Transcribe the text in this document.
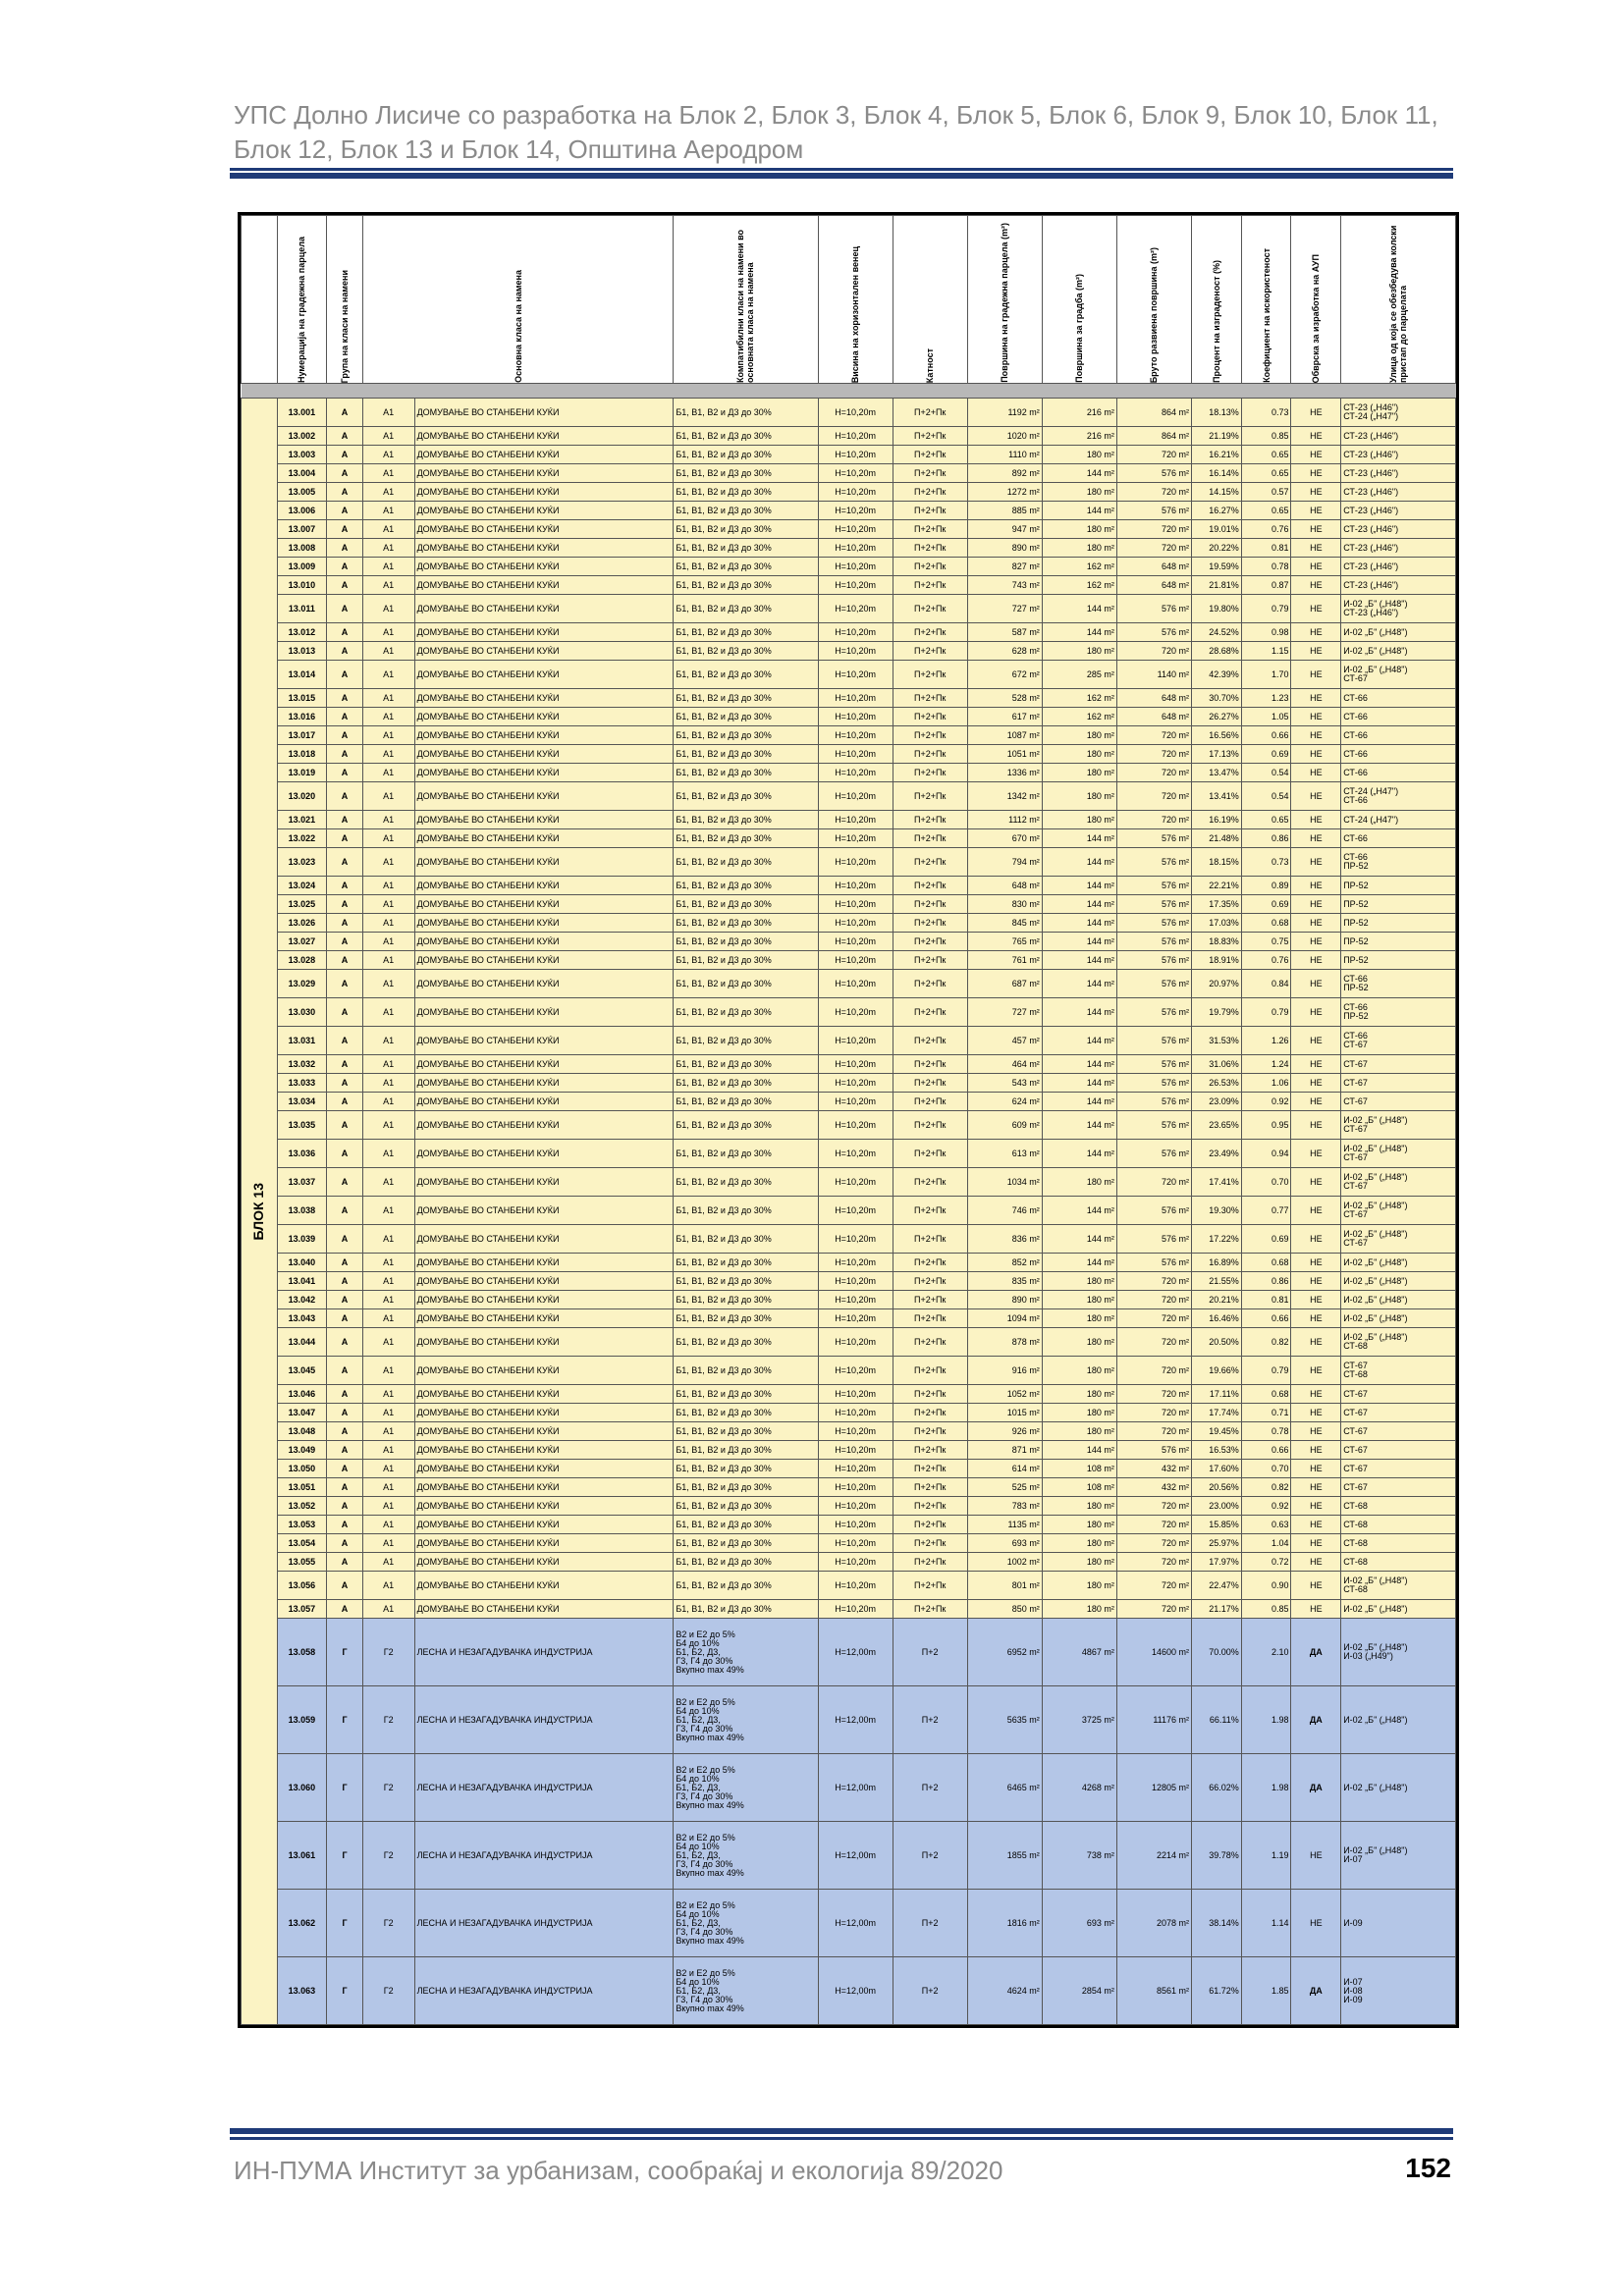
УПС Долно Лисиче со разработка на Блок 2, Блок 3, Блок 4, Блок 5, Блок 6, Блок 9, Блок 10, Блок 11, Блок 12, Блок 13 и Блок 14, Општина Аеродром

	Нумерација на градежна парцела	Група на класи на намени	Основна класа на намена		Компатибилни класи на намени во основната класа на намена	Висина на хоризонтален венец	Катност	Површина на градежна парцела (m²)	Површина за градба (m²)	Бруто развиена површина (m²)	Процент на изграденост (%)	Коефициент на искористеност	Обврска за изработка на АУП	Улица од која се обезбедува колски пристап до парцелата

БЛОК 13	13.001	А	А1	ДОМУВАЊЕ ВО СТАНБЕНИ КУЌИ	Б1, В1, В2 и Д3 до 30%	H=10,20m	П+2+Пк	1192 m²	216 m²	864 m²	18.13%	0.73	НЕ	СТ-23 („Н46")
СТ-24 („Н47")
	13.002	А	А1	ДОМУВАЊЕ ВО СТАНБЕНИ КУЌИ	Б1, В1, В2 и Д3 до 30%	H=10,20m	П+2+Пк	1020 m²	216 m²	864 m²	21.19%	0.85	НЕ	СТ-23 („Н46")
	13.003	А	А1	ДОМУВАЊЕ ВО СТАНБЕНИ КУЌИ	Б1, В1, В2 и Д3 до 30%	H=10,20m	П+2+Пк	1110 m²	180 m²	720 m²	16.21%	0.65	НЕ	СТ-23 („Н46")
	13.004	А	А1	ДОМУВАЊЕ ВО СТАНБЕНИ КУЌИ	Б1, В1, В2 и Д3 до 30%	H=10,20m	П+2+Пк	892 m²	144 m²	576 m²	16.14%	0.65	НЕ	СТ-23 („Н46")
	13.005	А	А1	ДОМУВАЊЕ ВО СТАНБЕНИ КУЌИ	Б1, В1, В2 и Д3 до 30%	H=10,20m	П+2+Пк	1272 m²	180 m²	720 m²	14.15%	0.57	НЕ	СТ-23 („Н46")
	13.006	А	А1	ДОМУВАЊЕ ВО СТАНБЕНИ КУЌИ	Б1, В1, В2 и Д3 до 30%	H=10,20m	П+2+Пк	885 m²	144 m²	576 m²	16.27%	0.65	НЕ	СТ-23 („Н46")
	13.007	А	А1	ДОМУВАЊЕ ВО СТАНБЕНИ КУЌИ	Б1, В1, В2 и Д3 до 30%	H=10,20m	П+2+Пк	947 m²	180 m²	720 m²	19.01%	0.76	НЕ	СТ-23 („Н46")
	13.008	А	А1	ДОМУВАЊЕ ВО СТАНБЕНИ КУЌИ	Б1, В1, В2 и Д3 до 30%	H=10,20m	П+2+Пк	890 m²	180 m²	720 m²	20.22%	0.81	НЕ	СТ-23 („Н46")
	13.009	А	А1	ДОМУВАЊЕ ВО СТАНБЕНИ КУЌИ	Б1, В1, В2 и Д3 до 30%	H=10,20m	П+2+Пк	827 m²	162 m²	648 m²	19.59%	0.78	НЕ	СТ-23 („Н46")
	13.010	А	А1	ДОМУВАЊЕ ВО СТАНБЕНИ КУЌИ	Б1, В1, В2 и Д3 до 30%	H=10,20m	П+2+Пк	743 m²	162 m²	648 m²	21.81%	0.87	НЕ	СТ-23 („Н46")
	13.011	А	А1	ДОМУВАЊЕ ВО СТАНБЕНИ КУЌИ	Б1, В1, В2 и Д3 до 30%	H=10,20m	П+2+Пк	727 m²	144 m²	576 m²	19.80%	0.79	НЕ	И-02 „Б" („Н48")
СТ-23 („Н46")
	13.012	А	А1	ДОМУВАЊЕ ВО СТАНБЕНИ КУЌИ	Б1, В1, В2 и Д3 до 30%	H=10,20m	П+2+Пк	587 m²	144 m²	576 m²	24.52%	0.98	НЕ	И-02 „Б" („Н48")
	13.013	А	А1	ДОМУВАЊЕ ВО СТАНБЕНИ КУЌИ	Б1, В1, В2 и Д3 до 30%	H=10,20m	П+2+Пк	628 m²	180 m²	720 m²	28.68%	1.15	НЕ	И-02 „Б" („Н48")
	13.014	А	А1	ДОМУВАЊЕ ВО СТАНБЕНИ КУЌИ	Б1, В1, В2 и Д3 до 30%	H=10,20m	П+2+Пк	672 m²	285 m²	1140 m²	42.39%	1.70	НЕ	И-02 „Б" („Н48")
СТ-67
	13.015	А	А1	ДОМУВАЊЕ ВО СТАНБЕНИ КУЌИ	Б1, В1, В2 и Д3 до 30%	H=10,20m	П+2+Пк	528 m²	162 m²	648 m²	30.70%	1.23	НЕ	СТ-66
	13.016	А	А1	ДОМУВАЊЕ ВО СТАНБЕНИ КУЌИ	Б1, В1, В2 и Д3 до 30%	H=10,20m	П+2+Пк	617 m²	162 m²	648 m²	26.27%	1.05	НЕ	СТ-66
	13.017	А	А1	ДОМУВАЊЕ ВО СТАНБЕНИ КУЌИ	Б1, В1, В2 и Д3 до 30%	H=10,20m	П+2+Пк	1087 m²	180 m²	720 m²	16.56%	0.66	НЕ	СТ-66
	13.018	А	А1	ДОМУВАЊЕ ВО СТАНБЕНИ КУЌИ	Б1, В1, В2 и Д3 до 30%	H=10,20m	П+2+Пк	1051 m²	180 m²	720 m²	17.13%	0.69	НЕ	СТ-66
	13.019	А	А1	ДОМУВАЊЕ ВО СТАНБЕНИ КУЌИ	Б1, В1, В2 и Д3 до 30%	H=10,20m	П+2+Пк	1336 m²	180 m²	720 m²	13.47%	0.54	НЕ	СТ-66
	13.020	А	А1	ДОМУВАЊЕ ВО СТАНБЕНИ КУЌИ	Б1, В1, В2 и Д3 до 30%	H=10,20m	П+2+Пк	1342 m²	180 m²	720 m²	13.41%	0.54	НЕ	СТ-24 („Н47")
СТ-66
	13.021	А	А1	ДОМУВАЊЕ ВО СТАНБЕНИ КУЌИ	Б1, В1, В2 и Д3 до 30%	H=10,20m	П+2+Пк	1112 m²	180 m²	720 m²	16.19%	0.65	НЕ	СТ-24 („Н47")
	13.022	А	А1	ДОМУВАЊЕ ВО СТАНБЕНИ КУЌИ	Б1, В1, В2 и Д3 до 30%	H=10,20m	П+2+Пк	670 m²	144 m²	576 m²	21.48%	0.86	НЕ	СТ-66
	13.023	А	А1	ДОМУВАЊЕ ВО СТАНБЕНИ КУЌИ	Б1, В1, В2 и Д3 до 30%	H=10,20m	П+2+Пк	794 m²	144 m²	576 m²	18.15%	0.73	НЕ	СТ-66
ПР-52
	13.024	А	А1	ДОМУВАЊЕ ВО СТАНБЕНИ КУЌИ	Б1, В1, В2 и Д3 до 30%	H=10,20m	П+2+Пк	648 m²	144 m²	576 m²	22.21%	0.89	НЕ	ПР-52
	13.025	А	А1	ДОМУВАЊЕ ВО СТАНБЕНИ КУЌИ	Б1, В1, В2 и Д3 до 30%	H=10,20m	П+2+Пк	830 m²	144 m²	576 m²	17.35%	0.69	НЕ	ПР-52
	13.026	А	А1	ДОМУВАЊЕ ВО СТАНБЕНИ КУЌИ	Б1, В1, В2 и Д3 до 30%	H=10,20m	П+2+Пк	845 m²	144 m²	576 m²	17.03%	0.68	НЕ	ПР-52
	13.027	А	А1	ДОМУВАЊЕ ВО СТАНБЕНИ КУЌИ	Б1, В1, В2 и Д3 до 30%	H=10,20m	П+2+Пк	765 m²	144 m²	576 m²	18.83%	0.75	НЕ	ПР-52
	13.028	А	А1	ДОМУВАЊЕ ВО СТАНБЕНИ КУЌИ	Б1, В1, В2 и Д3 до 30%	H=10,20m	П+2+Пк	761 m²	144 m²	576 m²	18.91%	0.76	НЕ	ПР-52
	13.029	А	А1	ДОМУВАЊЕ ВО СТАНБЕНИ КУЌИ	Б1, В1, В2 и Д3 до 30%	H=10,20m	П+2+Пк	687 m²	144 m²	576 m²	20.97%	0.84	НЕ	СТ-66
ПР-52
	13.030	А	А1	ДОМУВАЊЕ ВО СТАНБЕНИ КУЌИ	Б1, В1, В2 и Д3 до 30%	H=10,20m	П+2+Пк	727 m²	144 m²	576 m²	19.79%	0.79	НЕ	СТ-66
ПР-52
	13.031	А	А1	ДОМУВАЊЕ ВО СТАНБЕНИ КУЌИ	Б1, В1, В2 и Д3 до 30%	H=10,20m	П+2+Пк	457 m²	144 m²	576 m²	31.53%	1.26	НЕ	СТ-66
СТ-67
	13.032	А	А1	ДОМУВАЊЕ ВО СТАНБЕНИ КУЌИ	Б1, В1, В2 и Д3 до 30%	H=10,20m	П+2+Пк	464 m²	144 m²	576 m²	31.06%	1.24	НЕ	СТ-67
	13.033	А	А1	ДОМУВАЊЕ ВО СТАНБЕНИ КУЌИ	Б1, В1, В2 и Д3 до 30%	H=10,20m	П+2+Пк	543 m²	144 m²	576 m²	26.53%	1.06	НЕ	СТ-67
	13.034	А	А1	ДОМУВАЊЕ ВО СТАНБЕНИ КУЌИ	Б1, В1, В2 и Д3 до 30%	H=10,20m	П+2+Пк	624 m²	144 m²	576 m²	23.09%	0.92	НЕ	СТ-67
	13.035	А	А1	ДОМУВАЊЕ ВО СТАНБЕНИ КУЌИ	Б1, В1, В2 и Д3 до 30%	H=10,20m	П+2+Пк	609 m²	144 m²	576 m²	23.65%	0.95	НЕ	И-02 „Б" („Н48")
СТ-67
	13.036	А	А1	ДОМУВАЊЕ ВО СТАНБЕНИ КУЌИ	Б1, В1, В2 и Д3 до 30%	H=10,20m	П+2+Пк	613 m²	144 m²	576 m²	23.49%	0.94	НЕ	И-02 „Б" („Н48")
СТ-67
	13.037	А	А1	ДОМУВАЊЕ ВО СТАНБЕНИ КУЌИ	Б1, В1, В2 и Д3 до 30%	H=10,20m	П+2+Пк	1034 m²	180 m²	720 m²	17.41%	0.70	НЕ	И-02 „Б" („Н48")
СТ-67
	13.038	А	А1	ДОМУВАЊЕ ВО СТАНБЕНИ КУЌИ	Б1, В1, В2 и Д3 до 30%	H=10,20m	П+2+Пк	746 m²	144 m²	576 m²	19.30%	0.77	НЕ	И-02 „Б" („Н48")
СТ-67
	13.039	А	А1	ДОМУВАЊЕ ВО СТАНБЕНИ КУЌИ	Б1, В1, В2 и Д3 до 30%	H=10,20m	П+2+Пк	836 m²	144 m²	576 m²	17.22%	0.69	НЕ	И-02 „Б" („Н48")
СТ-67
	13.040	А	А1	ДОМУВАЊЕ ВО СТАНБЕНИ КУЌИ	Б1, В1, В2 и Д3 до 30%	H=10,20m	П+2+Пк	852 m²	144 m²	576 m²	16.89%	0.68	НЕ	И-02 „Б" („Н48")
	13.041	А	А1	ДОМУВАЊЕ ВО СТАНБЕНИ КУЌИ	Б1, В1, В2 и Д3 до 30%	H=10,20m	П+2+Пк	835 m²	180 m²	720 m²	21.55%	0.86	НЕ	И-02 „Б" („Н48")
	13.042	А	А1	ДОМУВАЊЕ ВО СТАНБЕНИ КУЌИ	Б1, В1, В2 и Д3 до 30%	H=10,20m	П+2+Пк	890 m²	180 m²	720 m²	20.21%	0.81	НЕ	И-02 „Б" („Н48")
	13.043	А	А1	ДОМУВАЊЕ ВО СТАНБЕНИ КУЌИ	Б1, В1, В2 и Д3 до 30%	H=10,20m	П+2+Пк	1094 m²	180 m²	720 m²	16.46%	0.66	НЕ	И-02 „Б" („Н48")
	13.044	А	А1	ДОМУВАЊЕ ВО СТАНБЕНИ КУЌИ	Б1, В1, В2 и Д3 до 30%	H=10,20m	П+2+Пк	878 m²	180 m²	720 m²	20.50%	0.82	НЕ	И-02 „Б" („Н48")
СТ-68
	13.045	А	А1	ДОМУВАЊЕ ВО СТАНБЕНИ КУЌИ	Б1, В1, В2 и Д3 до 30%	H=10,20m	П+2+Пк	916 m²	180 m²	720 m²	19.66%	0.79	НЕ	СТ-67
СТ-68
	13.046	А	А1	ДОМУВАЊЕ ВО СТАНБЕНИ КУЌИ	Б1, В1, В2 и Д3 до 30%	H=10,20m	П+2+Пк	1052 m²	180 m²	720 m²	17.11%	0.68	НЕ	СТ-67
	13.047	А	А1	ДОМУВАЊЕ ВО СТАНБЕНИ КУЌИ	Б1, В1, В2 и Д3 до 30%	H=10,20m	П+2+Пк	1015 m²	180 m²	720 m²	17.74%	0.71	НЕ	СТ-67
	13.048	А	А1	ДОМУВАЊЕ ВО СТАНБЕНИ КУЌИ	Б1, В1, В2 и Д3 до 30%	H=10,20m	П+2+Пк	926 m²	180 m²	720 m²	19.45%	0.78	НЕ	СТ-67
	13.049	А	А1	ДОМУВАЊЕ ВО СТАНБЕНИ КУЌИ	Б1, В1, В2 и Д3 до 30%	H=10,20m	П+2+Пк	871 m²	144 m²	576 m²	16.53%	0.66	НЕ	СТ-67
	13.050	А	А1	ДОМУВАЊЕ ВО СТАНБЕНИ КУЌИ	Б1, В1, В2 и Д3 до 30%	H=10,20m	П+2+Пк	614 m²	108 m²	432 m²	17.60%	0.70	НЕ	СТ-67
	13.051	А	А1	ДОМУВАЊЕ ВО СТАНБЕНИ КУЌИ	Б1, В1, В2 и Д3 до 30%	H=10,20m	П+2+Пк	525 m²	108 m²	432 m²	20.56%	0.82	НЕ	СТ-67
	13.052	А	А1	ДОМУВАЊЕ ВО СТАНБЕНИ КУЌИ	Б1, В1, В2 и Д3 до 30%	H=10,20m	П+2+Пк	783 m²	180 m²	720 m²	23.00%	0.92	НЕ	СТ-68
	13.053	А	А1	ДОМУВАЊЕ ВО СТАНБЕНИ КУЌИ	Б1, В1, В2 и Д3 до 30%	H=10,20m	П+2+Пк	1135 m²	180 m²	720 m²	15.85%	0.63	НЕ	СТ-68
	13.054	А	А1	ДОМУВАЊЕ ВО СТАНБЕНИ КУЌИ	Б1, В1, В2 и Д3 до 30%	H=10,20m	П+2+Пк	693 m²	180 m²	720 m²	25.97%	1.04	НЕ	СТ-68
	13.055	А	А1	ДОМУВАЊЕ ВО СТАНБЕНИ КУЌИ	Б1, В1, В2 и Д3 до 30%	H=10,20m	П+2+Пк	1002 m²	180 m²	720 m²	17.97%	0.72	НЕ	СТ-68
	13.056	А	А1	ДОМУВАЊЕ ВО СТАНБЕНИ КУЌИ	Б1, В1, В2 и Д3 до 30%	H=10,20m	П+2+Пк	801 m²	180 m²	720 m²	22.47%	0.90	НЕ	И-02 „Б" („Н48")
СТ-68
	13.057	А	А1	ДОМУВАЊЕ ВО СТАНБЕНИ КУЌИ	Б1, В1, В2 и Д3 до 30%	H=10,20m	П+2+Пк	850 m²	180 m²	720 m²	21.17%	0.85	НЕ	И-02 „Б" („Н48")
	13.058	Г	Г2	ЛЕСНА И НЕЗАГАДУВАЧКА ИНДУСТРИЈА	В2 и Е2 до 5%
Б4 до 10%
Б1, Б2, Д3,
Г3, Г4 до 30%
Вкупно max 49%	H=12,00m	П+2	6952 m²	4867 m²	14600 m²	70.00%	2.10	ДА	И-02 „Б" („Н48")
И-03 („Н49")
	13.059	Г	Г2	ЛЕСНА И НЕЗАГАДУВАЧКА ИНДУСТРИЈА	В2 и Е2 до 5%
Б4 до 10%
Б1, Б2, Д3,
Г3, Г4 до 30%
Вкупно max 49%	H=12,00m	П+2	5635 m²	3725 m²	11176 m²	66.11%	1.98	ДА	И-02 „Б" („Н48")
	13.060	Г	Г2	ЛЕСНА И НЕЗАГАДУВАЧКА ИНДУСТРИЈА	В2 и Е2 до 5%
Б4 до 10%
Б1, Б2, Д3,
Г3, Г4 до 30%
Вкупно max 49%	H=12,00m	П+2	6465 m²	4268 m²	12805 m²	66.02%	1.98	ДА	И-02 „Б" („Н48")
	13.061	Г	Г2	ЛЕСНА И НЕЗАГАДУВАЧКА ИНДУСТРИЈА	В2 и Е2 до 5%
Б4 до 10%
Б1, Б2, Д3,
Г3, Г4 до 30%
Вкупно max 49%	H=12,00m	П+2	1855 m²	738 m²	2214 m²	39.78%	1.19	НЕ	И-02 „Б" („Н48")
И-07
	13.062	Г	Г2	ЛЕСНА И НЕЗАГАДУВАЧКА ИНДУСТРИЈА	В2 и Е2 до 5%
Б4 до 10%
Б1, Б2, Д3,
Г3, Г4 до 30%
Вкупно max 49%	H=12,00m	П+2	1816 m²	693 m²	2078 m²	38.14%	1.14	НЕ	И-09
	13.063	Г	Г2	ЛЕСНА И НЕЗАГАДУВАЧКА ИНДУСТРИЈА	В2 и Е2 до 5%
Б4 до 10%
Б1, Б2, Д3,
Г3, Г4 до 30%
Вкупно max 49%	H=12,00m	П+2	4624 m²	2854 m²	8561 m²	61.72%	1.85	ДА	И-07
И-08
И-09
ИН-ПУМА Институт за урбанизам, сообраќај и екологија 89/2020	152
